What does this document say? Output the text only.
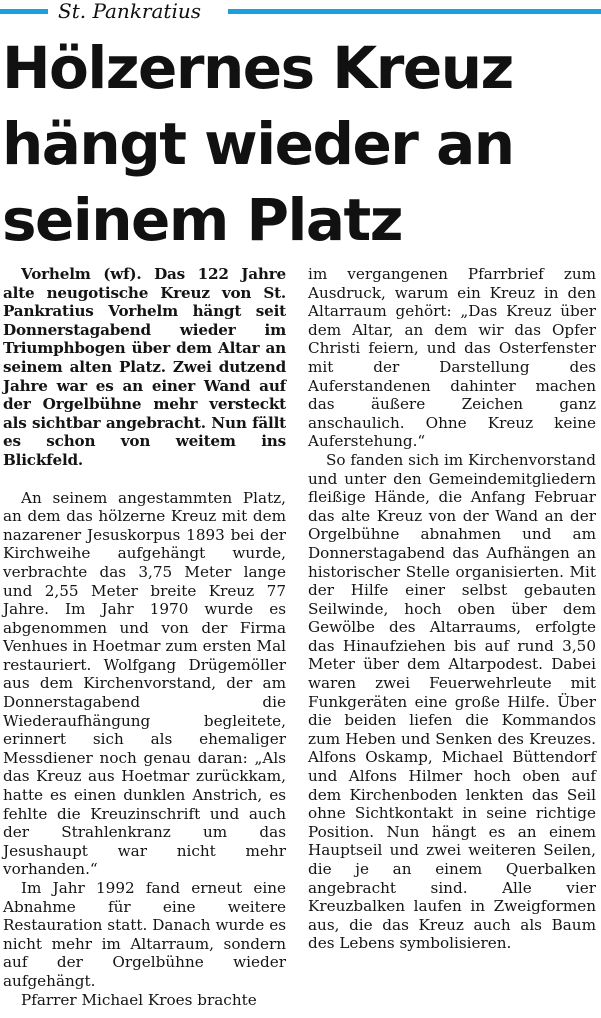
St. Pankratius
Hölzernes Kreuz
hängt wieder an
seinem Platz

Vorhelm (wf). Das 122 Jahre alte neugotische Kreuz von St. Pankratius Vorhelm hängt seit Donnerstagabend wieder im Triumphbogen über dem Altar an seinem alten Platz. Zwei dutzend Jahre war es an einer Wand auf der Orgelbühne mehr versteckt als sichtbar angebracht. Nun fällt es schon von weitem ins Blickfeld.

An seinem angestammten Platz, an dem das hölzerne Kreuz mit dem nazarener Jesuskorpus 1893 bei der Kirchweihe aufgehängt wurde, verbrachte das 3,75 Meter lange und 2,55 Meter breite Kreuz 77 Jahre. Im Jahr 1970 wurde es abgenommen und von der Firma Venhues in Hoetmar zum ersten Mal restauriert. Wolfgang Drügemöller aus dem Kirchenvorstand, der am Donnerstagabend die Wiederaufhängung begleitete, erinnert sich als ehemaliger Messdiener noch genau daran: „Als das Kreuz aus Hoetmar zurückkam, hatte es einen dunklen Anstrich, es fehlte die Kreuzinschrift und auch der Strahlenkranz um das Jesushaupt war nicht mehr vorhanden.“

Im Jahr 1992 fand erneut eine Abnahme für eine weitere Restauration statt. Danach wurde es nicht mehr im Altarraum, sondern auf der Orgelbühne wieder aufgehängt.

Pfarrer Michael Kroes brachte

im vergangenen Pfarrbrief zum Ausdruck, warum ein Kreuz in den Altarraum gehört: „Das Kreuz über dem Altar, an dem wir das Opfer Christi feiern, und das Osterfenster mit der Darstellung des Auferstandenen dahinter machen das äußere Zeichen ganz anschaulich. Ohne Kreuz keine Auferstehung.“

So fanden sich im Kirchenvorstand und unter den Gemeindemitgliedern fleißige Hände, die Anfang Februar das alte Kreuz von der Wand an der Orgelbühne abnahmen und am Donnerstagabend das Aufhängen an historischer Stelle organisierten. Mit der Hilfe einer selbst gebauten Seilwinde, hoch oben über dem Gewölbe des Altarraums, erfolgte das Hinaufziehen bis auf rund 3,50 Meter über dem Altarpodest. Dabei waren zwei Feuerwehrleute mit Funkgeräten eine große Hilfe. Über die beiden liefen die Kommandos zum Heben und Senken des Kreuzes. Alfons Oskamp, Michael Büttendorf und Alfons Hilmer hoch oben auf dem Kirchenboden lenkten das Seil ohne Sichtkontakt in seine richtige Position. Nun hängt es an einem Hauptseil und zwei weiteren Seilen, die je an einem Querbalken angebracht sind. Alle vier Kreuzbalken laufen in Zweigformen aus, die das Kreuz auch als Baum des Lebens symbolisieren.
